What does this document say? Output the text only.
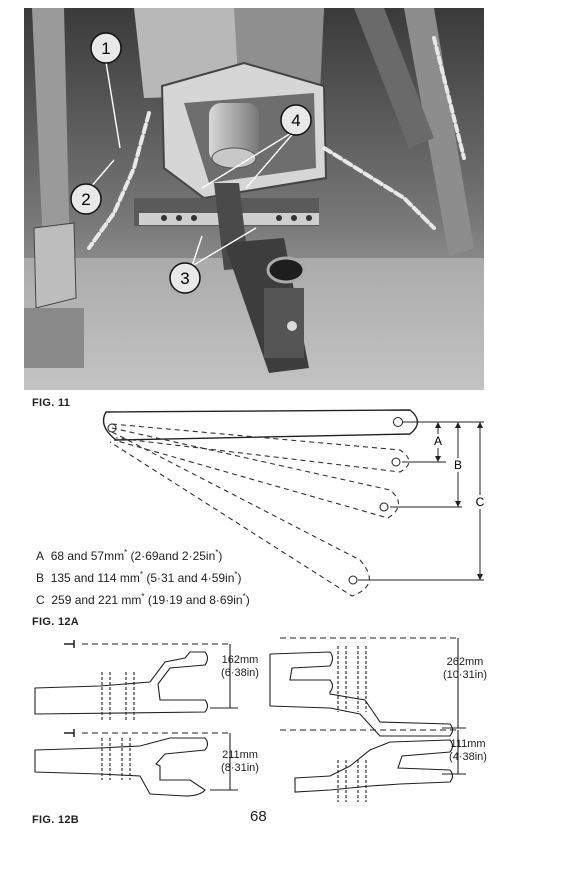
1
2
3
4
FIG. 11
A
B
C
A 68 and 57mm* (2·69and 2·25in*)
B 135 and 114 mm* (5·31 and 4·59in*)
C 259 and 221 mm* (19·19 and 8·69in*)
FIG. 12A
162mm
(6·38in)
262mm
(10·31in)
211mm
(8·31in)
111mm
(4·38in)
FIG. 12B	68
